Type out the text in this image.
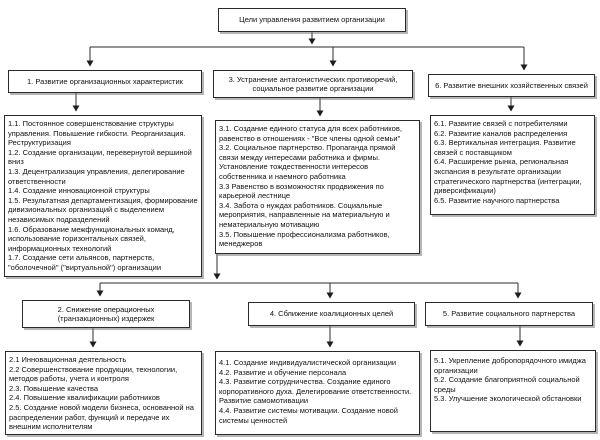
Цели управления развитием организации
1. Развитие организационных характеристик	3. Устранение антагонистических противоречий, социальное развитие организации	6. Развитие внешних хозяйственных связей
1.1. Постоянное совершенствование структуры управления. Повышение гибкости. Реорганизация. Реструктуризация
1.2. Создание организации, перевернутой вершиной вниз
1.3. Децентрализация управления, делегирование ответственности
1.4. Создание инновационной структуры
1.5. Результатная департаментизация, формирование дивизиональных организаций с выделением независимых подразделений
1.6. Образование межфункциональных команд, использование горизонтальных связей, информационных технологий
1.7. Создание сети альянсов, партнерств, "оболочечной" ("виртуальной") организации
3.1. Создание единого статуса для всех работников, равенство в отношениях - "Все члены одной семьи"
3.2. Социальное партнерство. Пропаганда прямой связи между интересами работника и фирмы. Установление тождественности интересов собственника и наемного работника
3.3 Равенство в возможностях продвижения по карьерной лестнице
3.4. Забота о нуждах работников. Социальные мероприятия, направленные на материальную и нематериальную мотивацию
3.5. Повышение профессионализма работников, менеджеров
6.1. Развитие связей с потребителями
6.2. Развитие каналов распределения
6.3. Вертикальная интеграция. Развитие связей с поставщиком
6.4. Расширение рынка, региональная экспансия в результате организации стратегического партнерства (интеграции, диверсификации)
6.5. Развитие научного партнерства
2. Снижение операционных (транзакционных) издержек
4. Сближение коалиционных целей	5. Развитие социального партнерства
2.1 Инновационная деятельность
2.2 Совершенствование продукции, технологии, методов работы, учета и контроля
2.3. Повышение качества
2.4. Повышение квалификации работников
2.5. Создание новой модели бизнеса, основанной на распределении работ, функций и передаче их внешним исполнителям
4.1. Создание индивидуалистической организации
4.2. Развитие и обучение персонала
4.3. Развитие сотрудничества. Создание единого корпоративного духа. Делегирование ответственности. Развитие самомотивации
4.4. Развитие системы мотивации. Создание новой системы ценностей
5.1. Укрепление добропорядочного имиджа организации
5.2. Создание благоприятной социальной среды
5.3. Улучшение экологической обстановки
